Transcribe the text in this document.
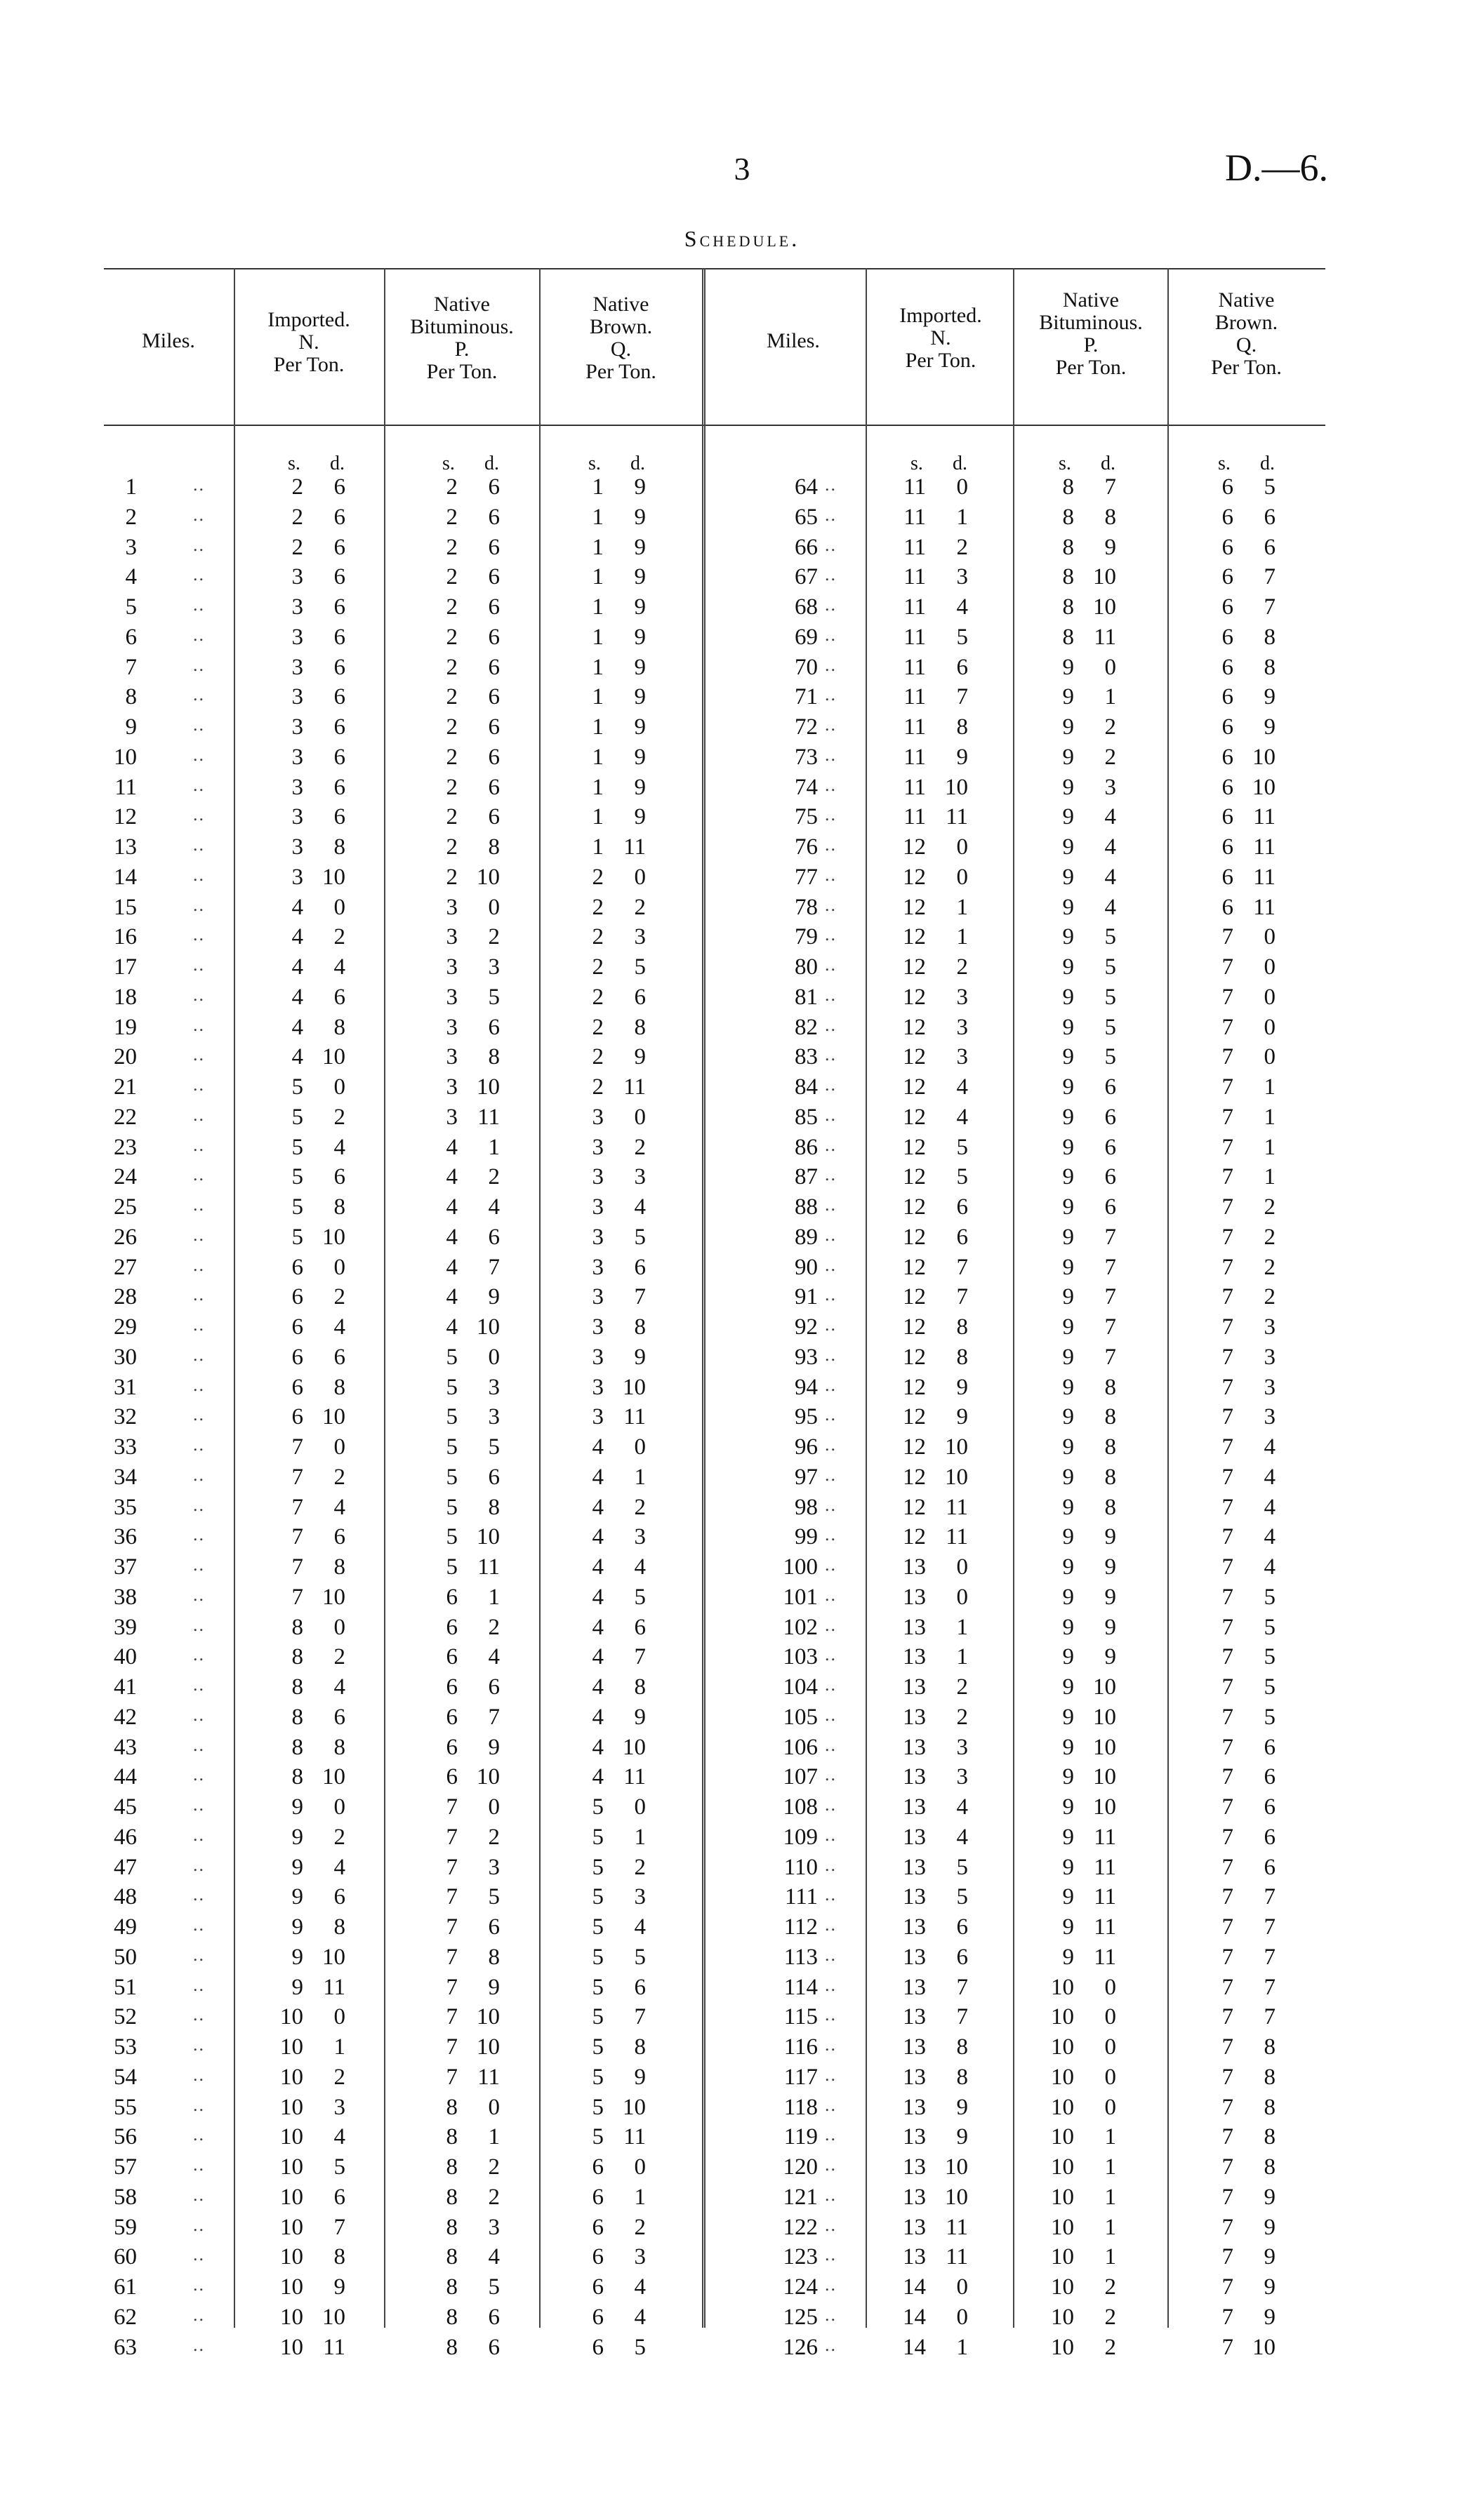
3	D.—6.
Schedule.
Miles.
Imported.
N.
Per Ton.
Native
Bituminous.
P.
Per Ton.
Native
Brown.
Q.
Per Ton.
Miles.
Imported.
N.
Per Ton.
Native
Bituminous.
P.
Per Ton.
Native
Brown.
Q.
Per Ton.
s. d.	s. d.	s. d.	s. d.	s. d.	s. d.
1	..	2	6	2	6	1	9
2	..	2	6	2	6	1	9
3	..	2	6	2	6	1	9
4	..	3	6	2	6	1	9
5	..	3	6	2	6	1	9
6	..	3	6	2	6	1	9
7	..	3	6	2	6	1	9
8	..	3	6	2	6	1	9
9	..	3	6	2	6	1	9
10	..	3	6	2	6	1	9
11	..	3	6	2	6	1	9
12	..	3	6	2	6	1	9
13	..	3	8	2	8	1 11
14	..	3 10	2 10	2	0
15	..	4	0	3	0	2	2
16	..	4	2	3	2	2	3
17	..	4	4	3	3	2	5
18	..	4	6	3	5	2	6
19	..	4	8	3	6	2	8
20	..	4 10	3	8	2	9
21	..	5	0	3 10	2 11
22	..	5	2	3 11	3	0
23	..	5	4	4	1	3	2
24	..	5	6	4	2	3	3
25	..	5	8	4	4	3	4
26	..	5 10	4	6	3	5
27	..	6	0	4	7	3	6
28	..	6	2	4	9	3	7
29	..	6	4	4 10	3	8
30	..	6	6	5	0	3	9
31	..	6	8	5	3	3 10
32	..	6 10	5	3	3 11
33	..	7	0	5	5	4	0
34	..	7	2	5	6	4	1
35	..	7	4	5	8	4	2
36	..	7	6	5 10	4	3
37	..	7	8	5 11	4	4
38	..	7 10	6	1	4	5
39	..	8	0	6	2	4	6
40	..	8	2	6	4	4	7
41	..	8	4	6	6	4	8
42	..	8	6	6	7	4	9
43	..	8	8	6	9	4 10
44	..	8 10	6 10	4 11
45	..	9	0	7	0	5	0
46	..	9	2	7	2	5	1
47	..	9	4	7	3	5	2
48	..	9	6	7	5	5	3
49	..	9	8	7	6	5	4
50	..	9 10	7	8	5	5
51	..	9 11	7	9	5	6
52	..	10	0	7 10	5	7
53	..	10	1	7 10	5	8
54	..	10	2	7 11	5	9
55	..	10	3	8	0	5 10
56	..	10	4	8	1	5 11
57	..	10	5	8	2	6	0
58	..	10	6	8	2	6	1
59	..	10	7	8	3	6	2
60	..	10	8	8	4	6	3
61	..	10	9	8	5	6	4
62	..	10 10	8	6	6	4
63	..	10 11	8	6	6	5
64 ..	11	0	8	7	6	5
65 ..	11	1	8	8	6	6
66 ..	11	2	8	9	6	6
67 ..	11	3	8 10	6	7
68 ..	11	4	8 10	6	7
69 ..	11	5	8 11	6	8
70 ..	11	6	9	0	6	8
71 ..	11	7	9	1	6	9
72 ..	11	8	9	2	6	9
73 ..	11	9	9	2	6 10
74 ..	11 10	9	3	6 10
75 ..	11 11	9	4	6 11
76 ..	12	0	9	4	6 11
77 ..	12	0	9	4	6 11
78 ..	12	1	9	4	6 11
79 ..	12	1	9	5	7	0
80 ..	12	2	9	5	7	0
81 ..	12	3	9	5	7	0
82 ..	12	3	9	5	7	0
83 ..	12	3	9	5	7	0
84 ..	12	4	9	6	7	1
85 ..	12	4	9	6	7	1
86 ..	12	5	9	6	7	1
87 ..	12	5	9	6	7	1
88 ..	12	6	9	6	7	2
89 ..	12	6	9	7	7	2
90 ..	12	7	9	7	7	2
91 ..	12	7	9	7	7	2
92 ..	12	8	9	7	7	3
93 ..	12	8	9	7	7	3
94 ..	12	9	9	8	7	3
95 ..	12	9	9	8	7	3
96 ..	12 10	9	8	7	4
97 ..	12 10	9	8	7	4
98 ..	12 11	9	8	7	4
99 ..	12 11	9	9	7	4
100 ..	13	0	9	9	7	4
101 ..	13	0	9	9	7	5
102 ..	13	1	9	9	7	5
103 ..	13	1	9	9	7	5
104 ..	13	2	9 10	7	5
105 ..	13	2	9 10	7	5
106 ..	13	3	9 10	7	6
107 ..	13	3	9 10	7	6
108 ..	13	4	9 10	7	6
109 ..	13	4	9 11	7	6
110 ..	13	5	9 11	7	6
111 ..	13	5	9 11	7	7
112 ..	13	6	9 11	7	7
113 ..	13	6	9 11	7	7
114 ..	13	7	10	0	7	7
115 ..	13	7	10	0	7	7
116 ..	13	8	10	0	7	8
117 ..	13	8	10	0	7	8
118 ..	13	9	10	0	7	8
119 ..	13	9	10	1	7	8
120 ..	13 10	10	1	7	8
121 ..	13 10	10	1	7	9
122 ..	13 11	10	1	7	9
123 ..	13 11	10	1	7	9
124 ..	14	0	10	2	7	9
125 ..	14	0	10	2	7	9
126 ..	14	1	10	2	7 10
